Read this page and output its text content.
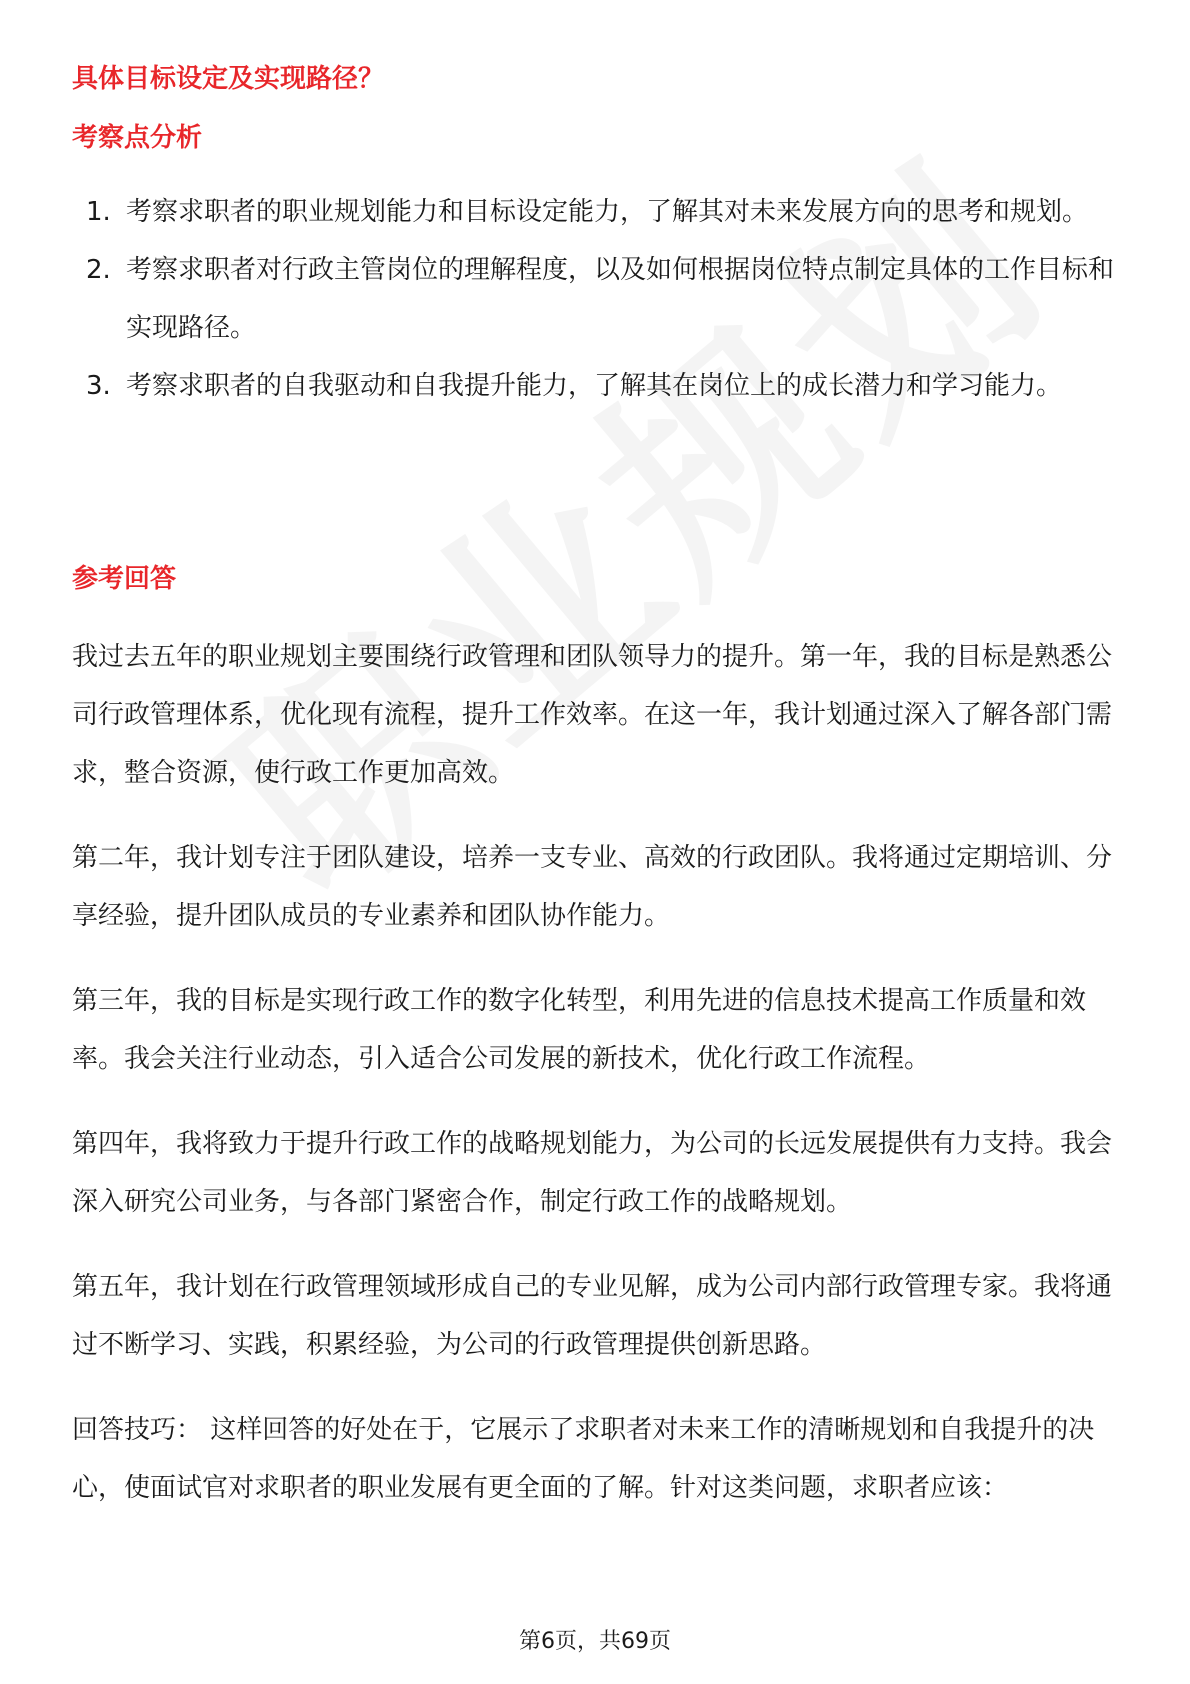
具体目标设定及实现路径？
考察点分析
1. 考察求职者的职业规划能力和目标设定能力，了解其对未来发展方向的思考和规划。
2. 考察求职者对行政主管岗位的理解程度，以及如何根据岗位特点制定具体的工作目标和实现路径。
3. 考察求职者的自我驱动和自我提升能力，了解其在岗位上的成长潜力和学习能力。
参考回答

我过去五年的职业规划主要围绕行政管理和团队领导力的提升。第一年，我的目标是熟悉公司行政管理体系，优化现有流程，提升工作效率。在这一年，我计划通过深入了解各部门需求，整合资源，使行政工作更加高效。

第二年，我计划专注于团队建设，培养一支专业、高效的行政团队。我将通过定期培训、分享经验，提升团队成员的专业素养和团队协作能力。

第三年，我的目标是实现行政工作的数字化转型，利用先进的信息技术提高工作质量和效率。我会关注行业动态，引入适合公司发展的新技术，优化行政工作流程。

第四年，我将致力于提升行政工作的战略规划能力，为公司的长远发展提供有力支持。我会深入研究公司业务，与各部门紧密合作，制定行政工作的战略规划。

第五年，我计划在行政管理领域形成自己的专业见解，成为公司内部行政管理专家。我将通过不断学习、实践，积累经验，为公司的行政管理提供创新思路。

回答技巧： 这样回答的好处在于，它展示了求职者对未来工作的清晰规划和自我提升的决心，使面试官对求职者的职业发展有更全面的了解。针对这类问题，求职者应该：

第6页，共69页
